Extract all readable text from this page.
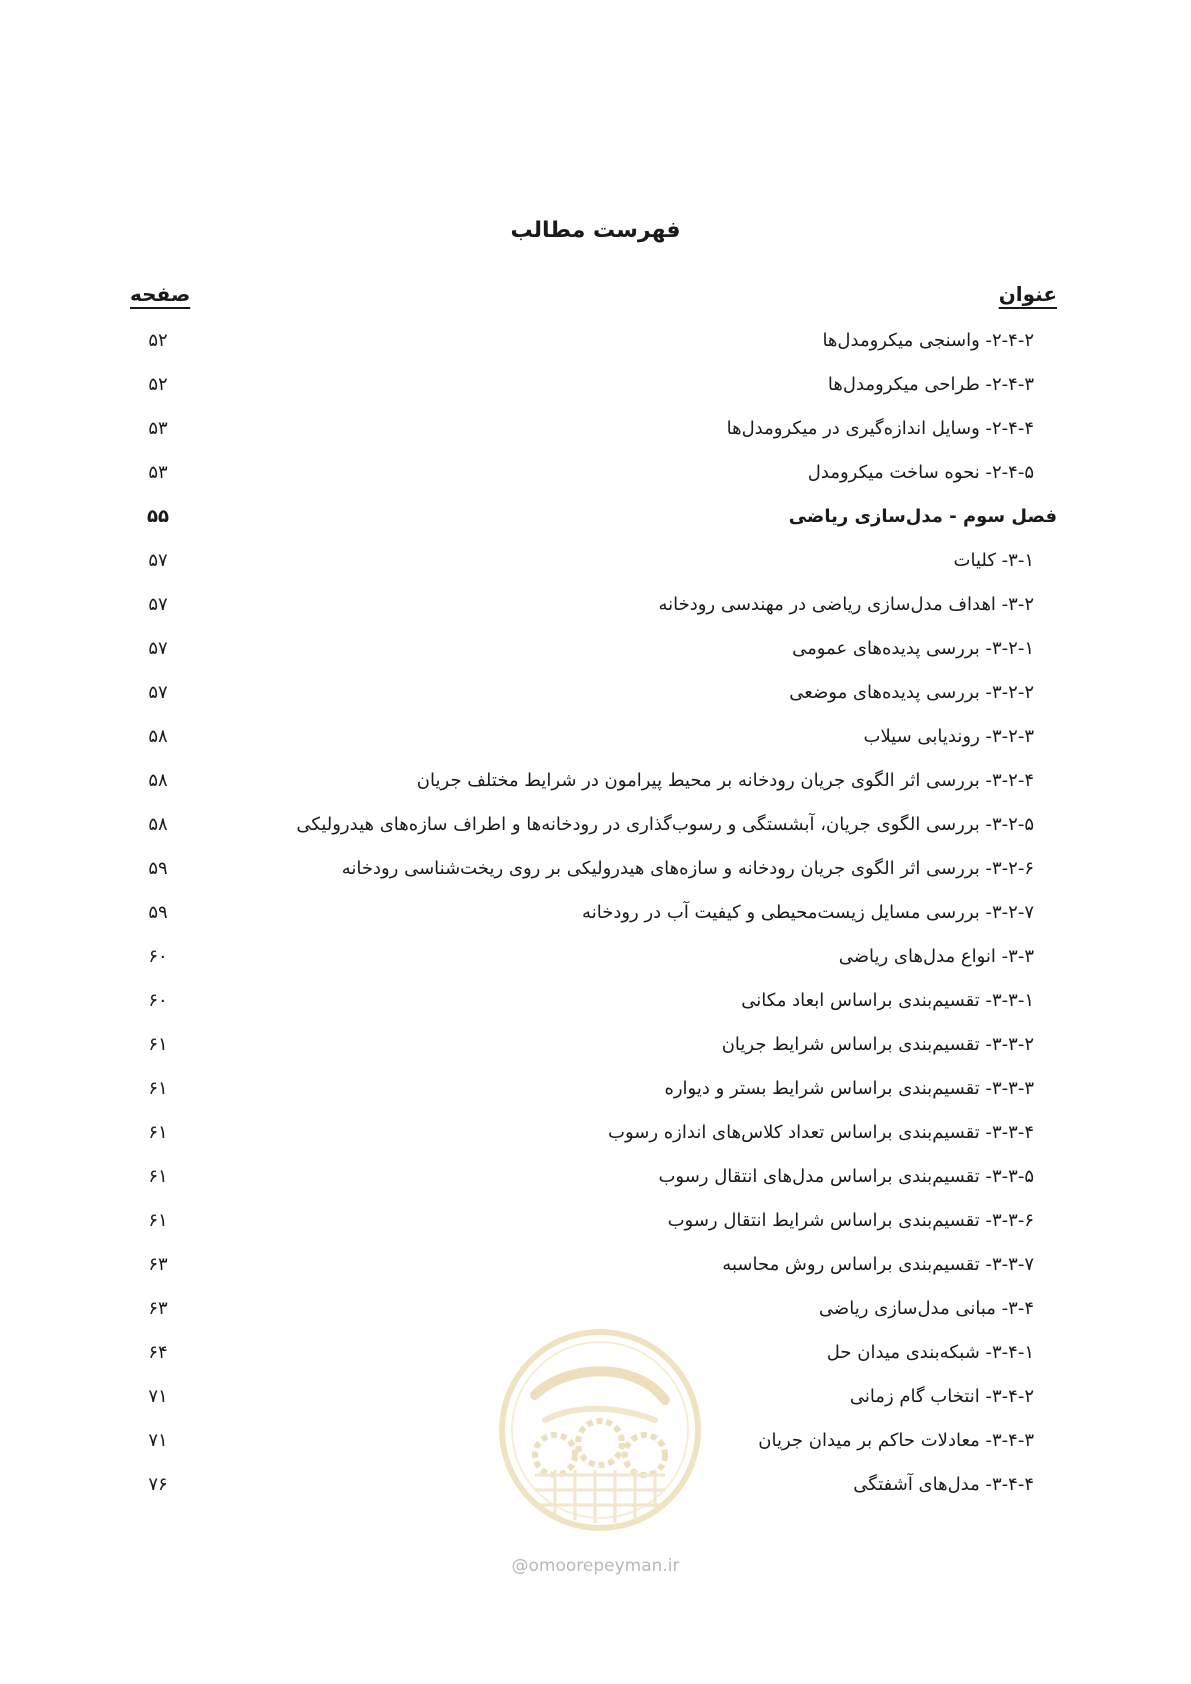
فهرست مطالب
عنوان
صفحه
۲-۴-۲- واسنجی میکرومدل‌ها
۵۲
۲-۴-۳- طراحی میکرومدل‌ها
۵۲
۲-۴-۴- وسایل اندازه‌گیری در میکرومدل‌ها
۵۳
۲-۴-۵- نحوه ساخت میکرومدل
۵۳
فصل سوم - مدل‌سازی ریاضی
۵۵
۳-۱- کلیات
۵۷
۳-۲- اهداف مدل‌سازی ریاضی در مهندسی رودخانه
۵۷
۳-۲-۱- بررسی پدیده‌های عمومی
۵۷
۳-۲-۲- بررسی پدیده‌های موضعی
۵۷
۳-۲-۳- روندیابی سیلاب
۵۸
۳-۲-۴- بررسی اثر الگوی جریان رودخانه بر محیط پیرامون در شرایط مختلف جریان
۵۸
۳-۲-۵- بررسی الگوی جریان، آبشستگی و رسوب‌گذاری در رودخانه‌ها و اطراف سازه‌های هیدرولیکی
۵۸
۳-۲-۶- بررسی اثر الگوی جریان رودخانه و سازه‌های هیدرولیکی بر روی ریخت‌شناسی رودخانه
۵۹
۳-۲-۷- بررسی مسایل زیست‌محیطی و کیفیت آب در رودخانه
۵۹
۳-۳- انواع مدل‌های ریاضی
۶۰
۳-۳-۱- تقسیم‌بندی براساس ابعاد مکانی
۶۰
۳-۳-۲- تقسیم‌بندی براساس شرایط جریان
۶۱
۳-۳-۳- تقسیم‌بندی براساس شرایط بستر و دیواره
۶۱
۳-۳-۴- تقسیم‌بندی براساس تعداد کلاس‌های اندازه رسوب
۶۱
۳-۳-۵- تقسیم‌بندی براساس مدل‌های انتقال رسوب
۶۱
۳-۳-۶- تقسیم‌بندی براساس شرایط انتقال رسوب
۶۱
۳-۳-۷- تقسیم‌بندی براساس روش محاسبه
۶۳
۳-۴- مبانی مدل‌سازی ریاضی
۶۳
۳-۴-۱- شبکه‌بندی میدان حل
۶۴
۳-۴-۲- انتخاب گام زمانی
۷۱
۳-۴-۳- معادلات حاکم بر میدان جریان
۷۱
۳-۴-۴- مدل‌های آشفتگی
۷۶
@omoorepeyman.ir
